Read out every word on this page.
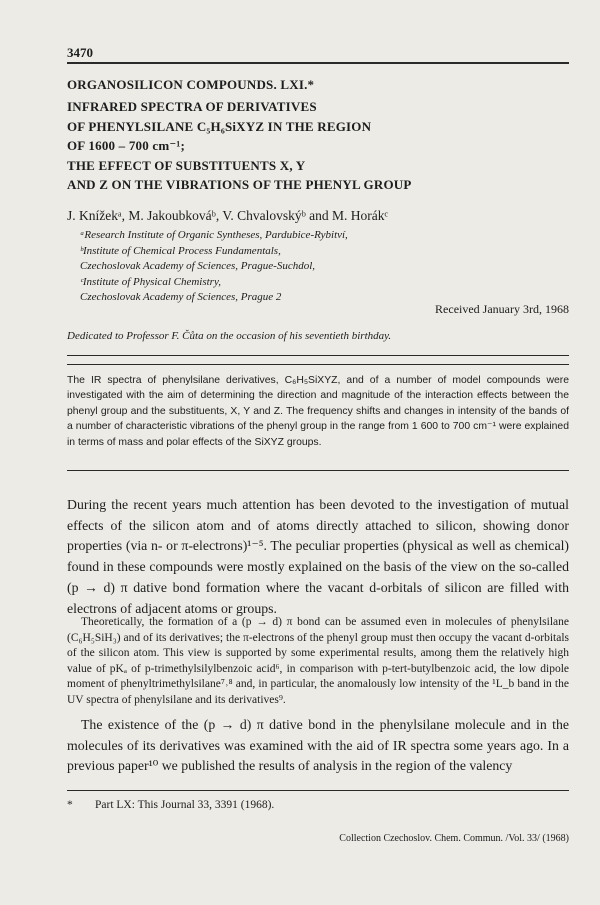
3470
ORGANOSILICON COMPOUNDS. LXI.*
INFRARED SPECTRA OF DERIVATIVES
OF PHENYLSILANE C₅H₆SiXYZ IN THE REGION
OF 1600 – 700 cm⁻¹;
THE EFFECT OF SUBSTITUENTS X, Y
AND Z ON THE VIBRATIONS OF THE PHENYL GROUP
J. Knížekᵃ, M. Jakoubkováᵇ, V. Chvalovskýᵇ and M. Horákᶜ
ᵃResearch Institute of Organic Syntheses, Pardubice-Rybitví,
ᵇInstitute of Chemical Process Fundamentals,
Czechoslovak Academy of Sciences, Prague-Suchdol,
ᶜInstitute of Physical Chemistry,
Czechoslovak Academy of Sciences, Prague 2
Received January 3rd, 1968
Dedicated to Professor F. Čůta on the occasion of his seventieth birthday.

The IR spectra of phenylsilane derivatives, C₆H₅SiXYZ, and of a number of model compounds were investigated with the aim of determining the direction and magnitude of the interaction effects between the phenyl group and the substituents, X, Y and Z. The frequency shifts and changes in intensity of the bands of a number of characteristic vibrations of the phenyl group in the range from 1 600 to 700 cm⁻¹ were explained in terms of mass and polar effects of the SiXYZ groups.

During the recent years much attention has been devoted to the investigation of mutual effects of the silicon atom and of atoms directly attached to silicon, showing donor properties (via n- or π-electrons)¹⁻⁵. The peculiar properties (physical as well as chemical) found in these compounds were mostly explained on the basis of the view on the so-called (p → d) π dative bond formation where the vacant d-orbitals of silicon are filled with electrons of adjacent atoms or groups.

Theoretically, the formation of a (p → d) π bond can be assumed even in molecules of phenylsilane (C₆H₅SiH₃) and of its derivatives; the π-electrons of the phenyl group must then occupy the vacant d-orbitals of the silicon atom. This view is supported by some experimental results, among them the relatively high value of pKₐ of p-trimethylsilylbenzoic acid⁶, in comparison with p-tert-butylbenzoic acid, the low dipole moment of phenyltrimethylsilane⁷˒⁸ and, in particular, the anomalously low intensity of the ¹L_b band in the UV spectra of phenylsilane and its derivatives⁹.

The existence of the (p → d) π dative bond in the phenylsilane molecule and in the molecules of its derivatives was examined with the aid of IR spectra some years ago. In a previous paper¹⁰ we published the results of analysis in the region of the valency

* Part LX: This Journal 33, 3391 (1968).
Collection Czechoslov. Chem. Commun. /Vol. 33/ (1968)
